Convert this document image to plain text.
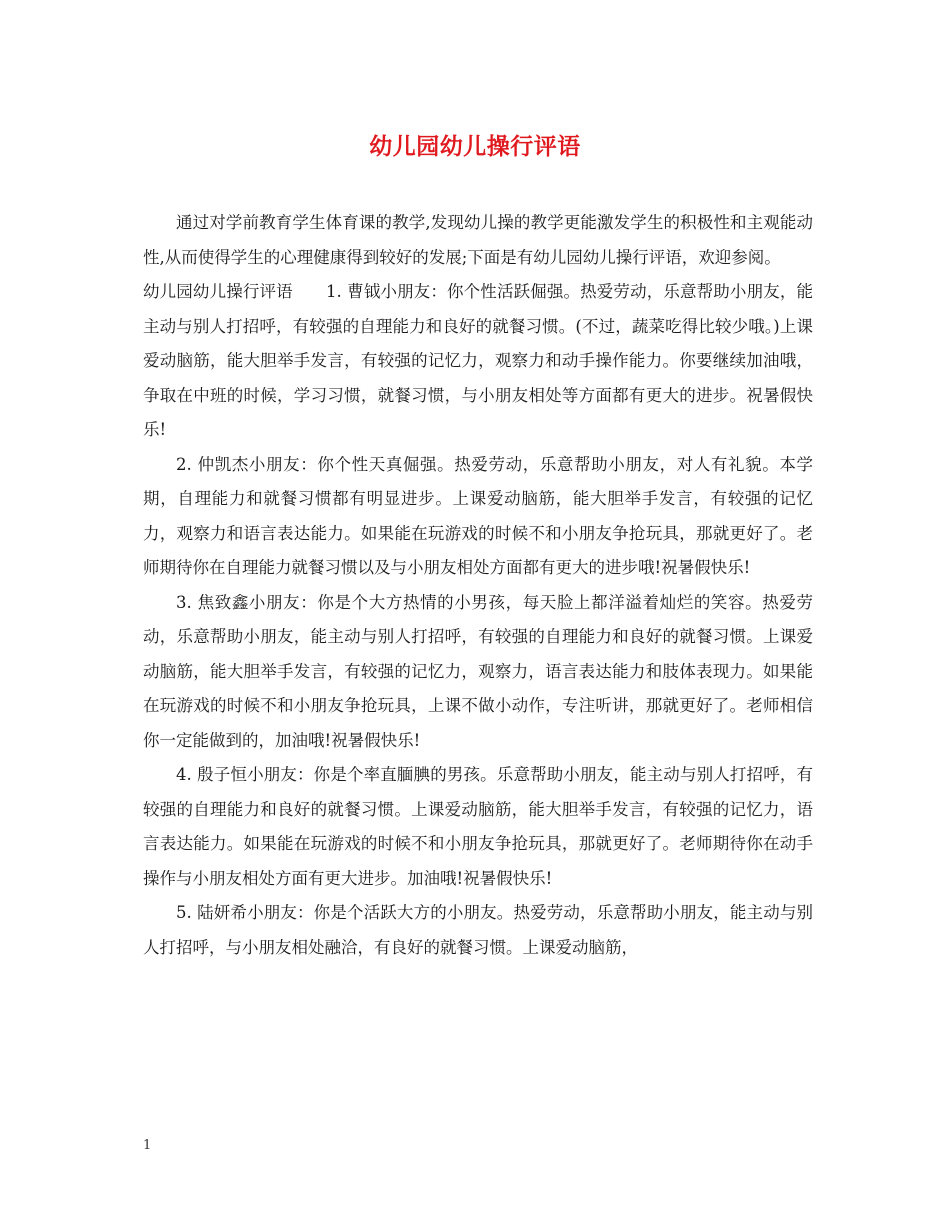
幼儿园幼儿操行评语

通过对学前教育学生体育课的教学,发现幼儿操的教学更能激发学生的积极性和主观能动性,从而使得学生的心理健康得到较好的发展;下面是有幼儿园幼儿操行评语，欢迎参阅。

幼儿园幼儿操行评语　　1. 曹钺小朋友：你个性活跃倔强。热爱劳动，乐意帮助小朋友，能主动与别人打招呼，有较强的自理能力和良好的就餐习惯。(不过，蔬菜吃得比较少哦。)上课爱动脑筋，能大胆举手发言，有较强的记忆力，观察力和动手操作能力。你要继续加油哦，争取在中班的时候，学习习惯，就餐习惯，与小朋友相处等方面都有更大的进步。祝暑假快乐!

2. 仲凯杰小朋友：你个性天真倔强。热爱劳动，乐意帮助小朋友，对人有礼貌。本学期，自理能力和就餐习惯都有明显进步。上课爱动脑筋，能大胆举手发言，有较强的记忆力，观察力和语言表达能力。如果能在玩游戏的时候不和小朋友争抢玩具，那就更好了。老师期待你在自理能力就餐习惯以及与小朋友相处方面都有更大的进步哦!祝暑假快乐!

3. 焦致鑫小朋友：你是个大方热情的小男孩，每天脸上都洋溢着灿烂的笑容。热爱劳动，乐意帮助小朋友，能主动与别人打招呼，有较强的自理能力和良好的就餐习惯。上课爱动脑筋，能大胆举手发言，有较强的记忆力，观察力，语言表达能力和肢体表现力。如果能在玩游戏的时候不和小朋友争抢玩具，上课不做小动作，专注听讲，那就更好了。老师相信你一定能做到的，加油哦!祝暑假快乐!

4. 殷子恒小朋友：你是个率直腼腆的男孩。乐意帮助小朋友，能主动与别人打招呼，有较强的自理能力和良好的就餐习惯。上课爱动脑筋，能大胆举手发言，有较强的记忆力，语言表达能力。如果能在玩游戏的时候不和小朋友争抢玩具，那就更好了。老师期待你在动手操作与小朋友相处方面有更大进步。加油哦!祝暑假快乐!

5. 陆妍希小朋友：你是个活跃大方的小朋友。热爱劳动，乐意帮助小朋友，能主动与别人打招呼，与小朋友相处融洽，有良好的就餐习惯。上课爱动脑筋，

1
